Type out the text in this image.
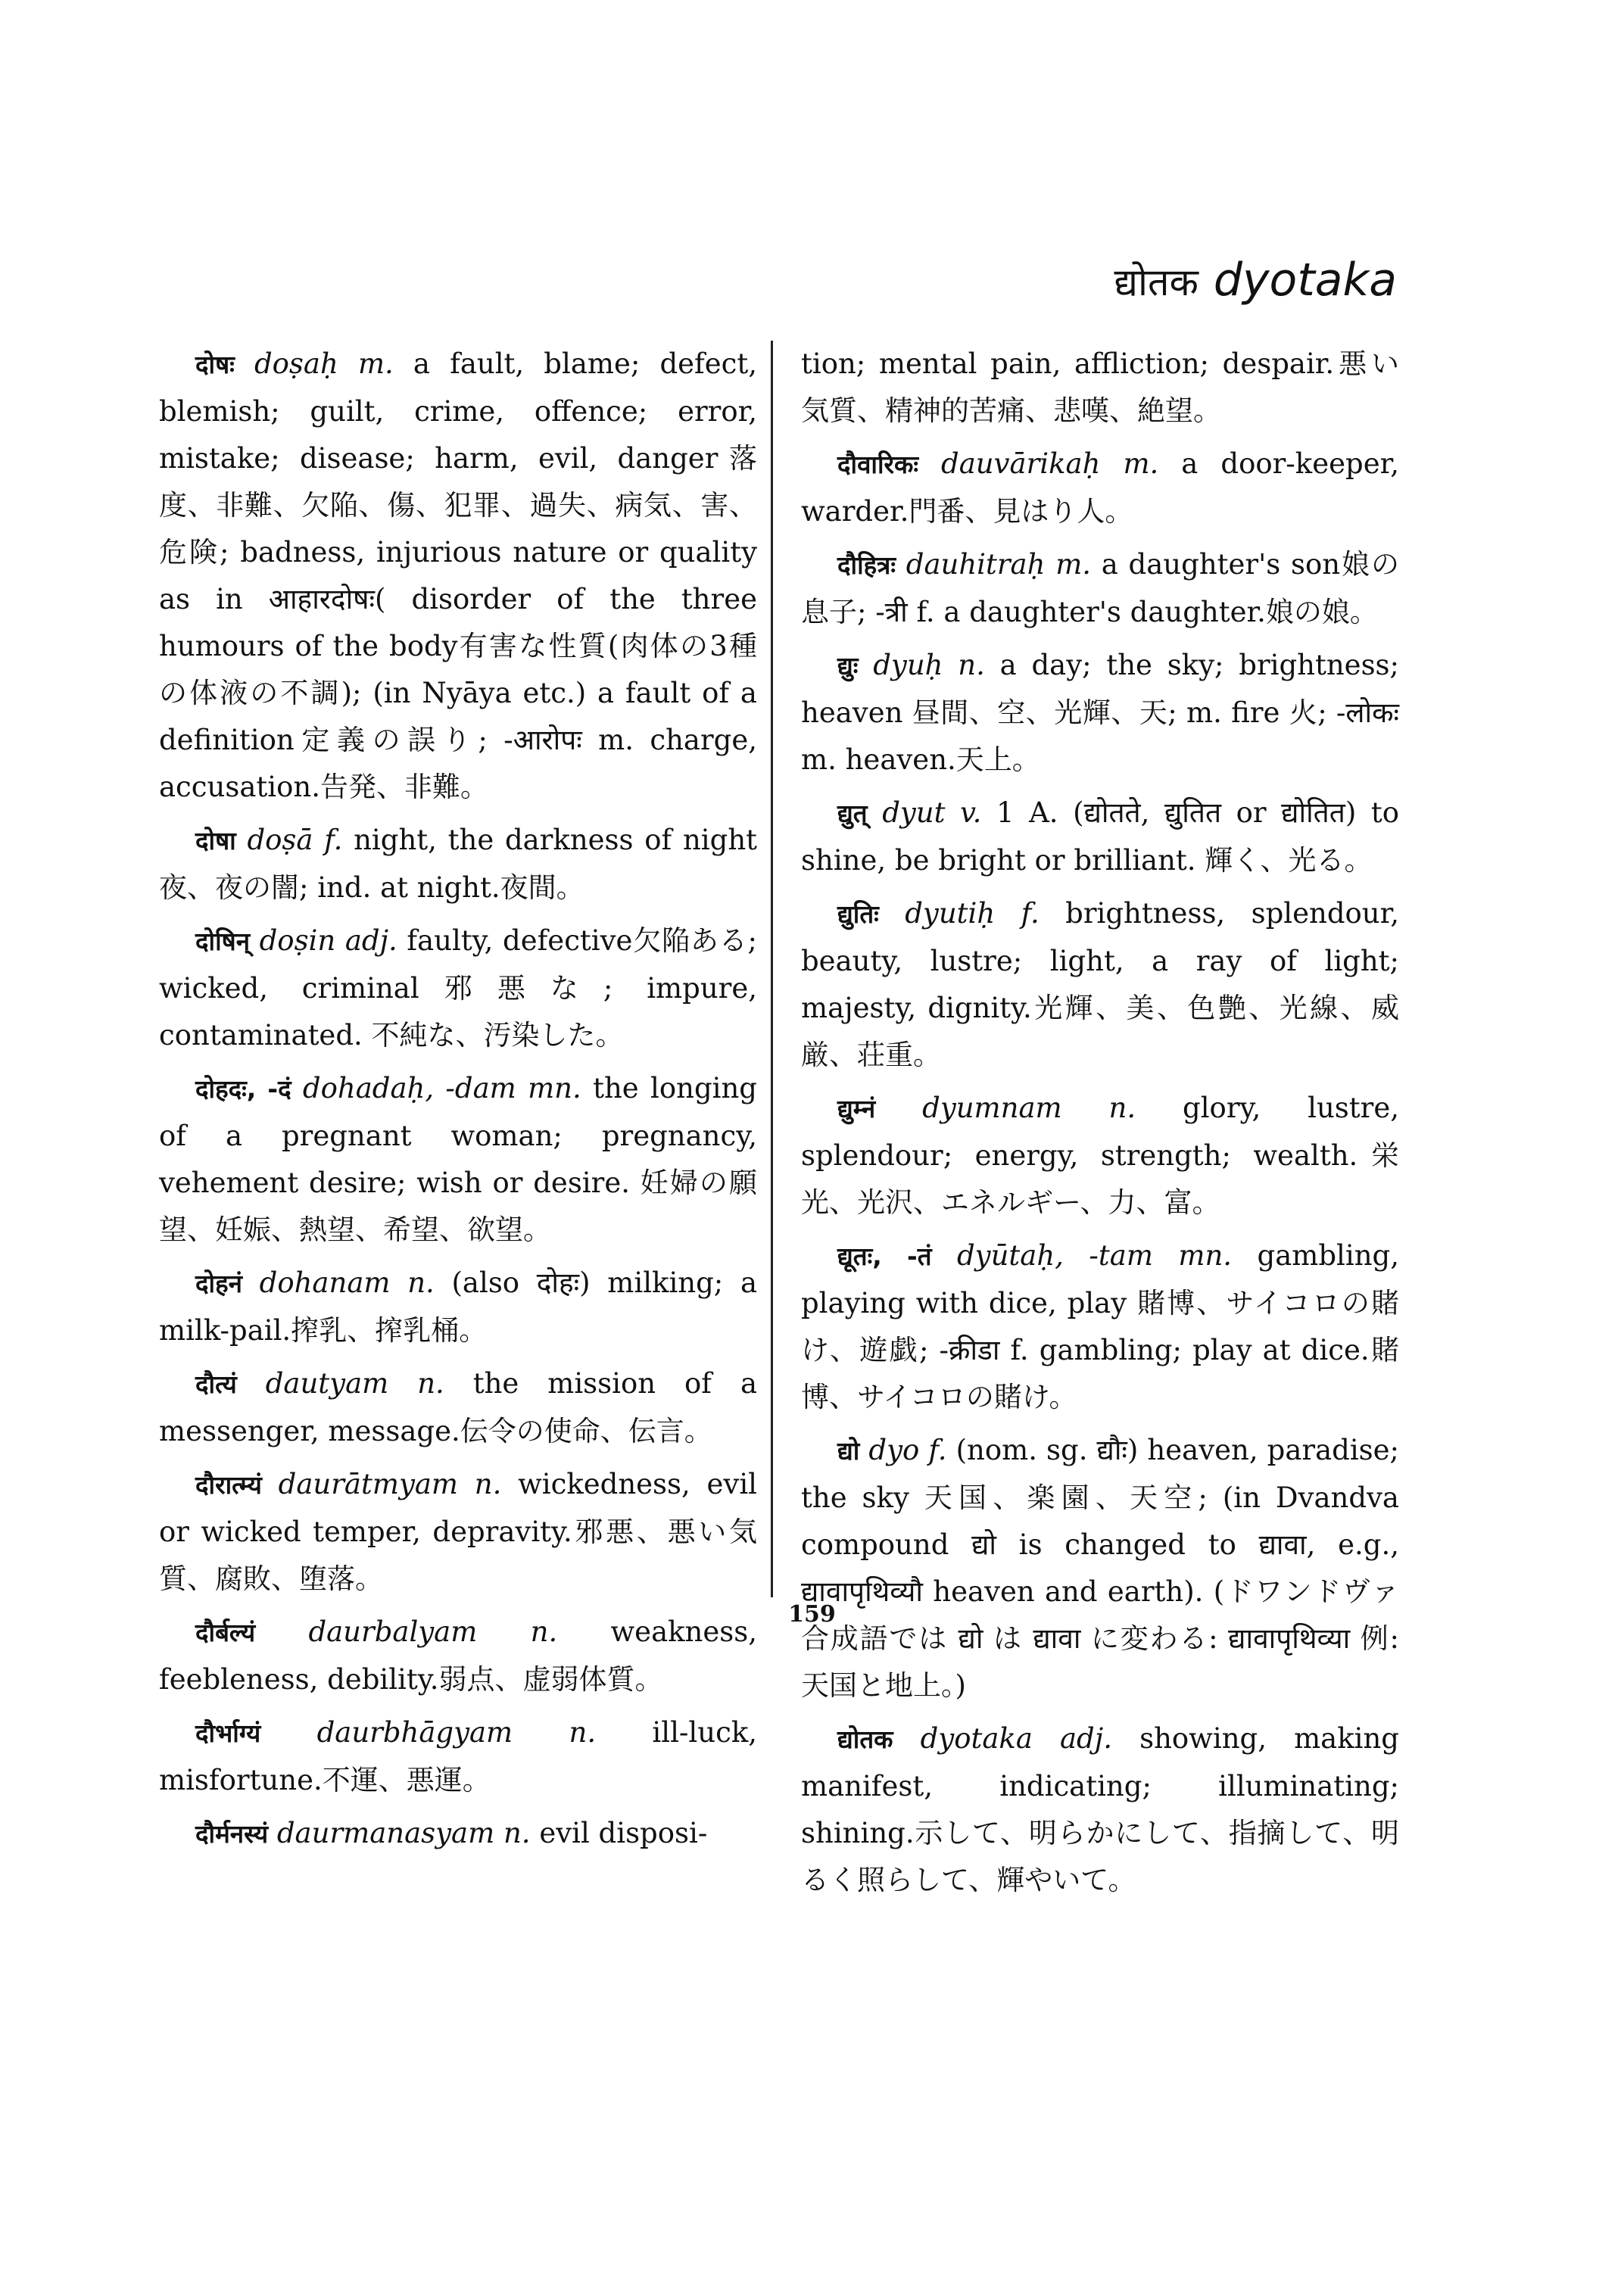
द्योतक dyotaka

दोषः doṣaḥ m. a fault, blame; defect, blemish; guilt, crime, offence; error, mistake; disease; harm, evil, danger落度、非難、欠陥、傷、犯罪、過失、病気、害、危険; badness, injurious nature or quality as in आहारदोषः( disorder of the three humours of the body有害な性質(肉体の3種の体液の不調); (in Nyāya etc.) a fault of a definition定義の誤り; -आरोपः m. charge, accusation.告発、非難。

दोषा doṣā f. night, the darkness of night 夜、夜の闇; ind. at night.夜間。

दोषिन् doṣin adj. faulty, defective欠陥ある; wicked, criminal邪悪な; impure, contaminated. 不純な、汚染した。

दोहदः, -दं dohadaḥ, -dam mn. the longing of a pregnant woman; pregnancy, vehement desire; wish or desire. 妊婦の願望、妊娠、熱望、希望、欲望。

दोहनं dohanam n. (also दोहः) milking; a milk-pail.搾乳、搾乳桶。

दौत्यं dautyam n. the mission of a messenger, message.伝令の使命、伝言。

दौरात्म्यं daurātmyam n. wickedness, evil or wicked temper, depravity.邪悪、悪い気質、腐敗、堕落。

दौर्बल्यं daurbalyam n. weakness, feebleness, debility.弱点、虚弱体質。

दौर्भाग्यं daurbhāgyam n. ill-luck, misfortune.不運、悪運。

दौर्मनस्यं daurmanasyam n. evil disposi-

tion; mental pain, affliction; despair.悪い気質、精神的苦痛、悲嘆、絶望。

दौवारिकः dauvārikaḥ m. a door-keeper, warder.門番、見はり人。

दौहित्रः dauhitraḥ m. a daughter's son娘の息子; -त्री f. a daughter's daughter.娘の娘。

द्युः dyuḥ n. a day; the sky; brightness; heaven 昼間、空、光輝、天; m. fire 火; -लोकः m. heaven.天上。

द्युत् dyut v. 1 A. (द्योतते, द्युतित or द्योतित) to shine, be bright or brilliant. 輝く、光る。

द्युतिः dyutiḥ f. brightness, splendour, beauty, lustre; light, a ray of light; majesty, dignity.光輝、美、色艶、光線、威厳、荘重。

द्युम्नं dyumnam n. glory, lustre, splendour; energy, strength; wealth.栄光、光沢、エネルギー、力、富。

द्यूतः, -तं dyūtaḥ, -tam mn. gambling, playing with dice, play 賭博、サイコロの賭け、遊戯; -क्रीडा f. gambling; play at dice.賭博、サイコロの賭け。

द्यो dyo f. (nom. sg. द्यौः) heaven, paradise; the sky 天国、楽園、天空; (in Dvandva compound द्यो is changed to द्यावा, e.g., द्यावापृथिव्यौ heaven and earth). (ドワンドヴァ合成語では द्यो は द्यावा に変わる: द्यावापृथिव्या 例:天国と地上。)

द्योतक dyotaka adj. showing, making manifest, indicating; illuminating; shining.示して、明らかにして、指摘して、明るく照らして、輝やいて。

159
